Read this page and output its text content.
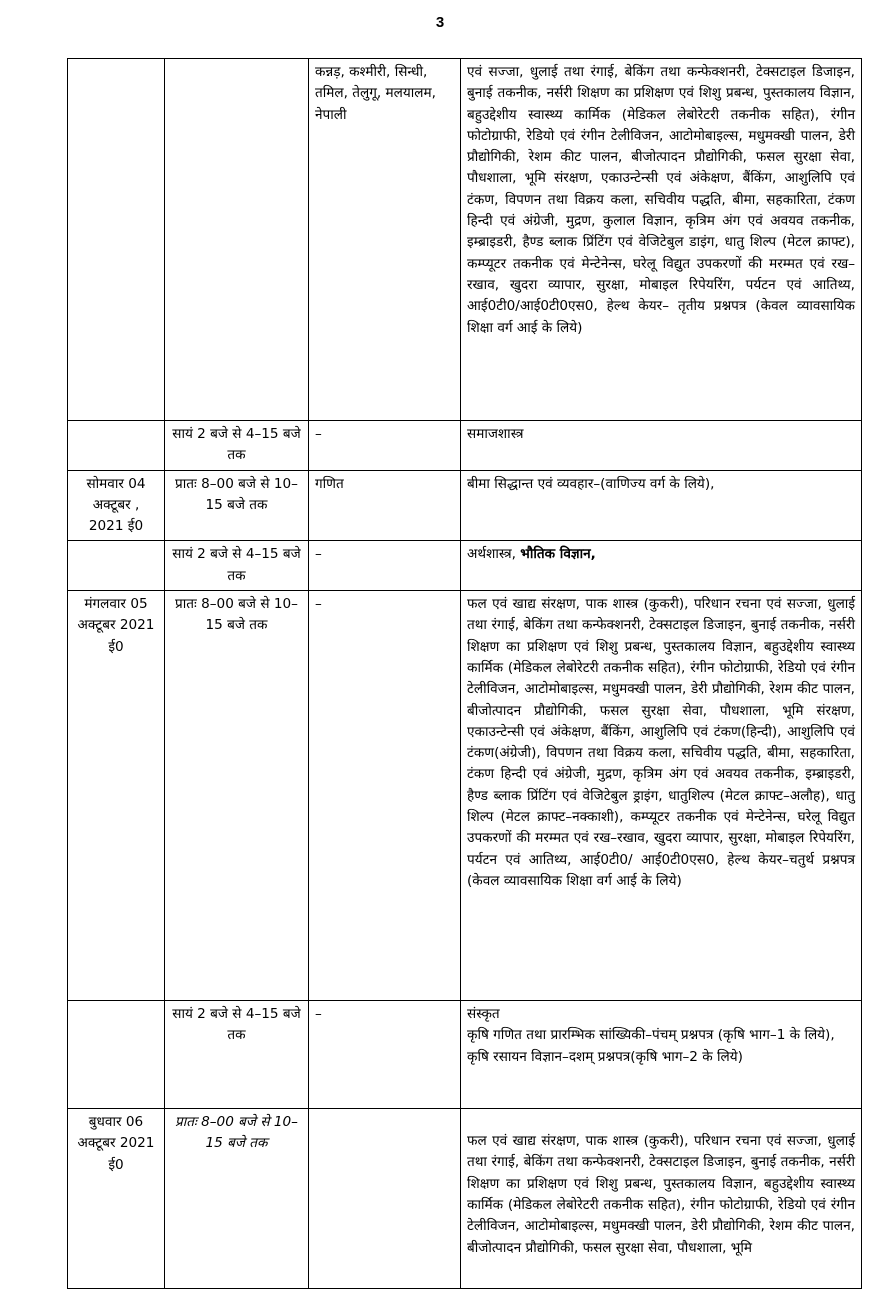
3
		कन्नड़, कश्मीरी, सिन्धी, तमिल, तेलुगू, मलयालम, नेपाली	एवं सज्जा, धुलाई तथा रंगाई, बेकिंग तथा कन्फेक्शनरी, टेक्सटाइल डिजाइन, बुनाई तकनीक, नर्सरी शिक्षण का प्रशिक्षण एवं शिशु प्रबन्ध, पुस्तकालय विज्ञान, बहुउद्देशीय स्वास्थ्य कार्मिक (मेडिकल लेबोरेटरी तकनीक सहित), रंगीन फोटोग्राफी, रेडियो एवं रंगीन टेलीविजन, आटोमोबाइल्स, मधुमक्खी पालन, डेरी प्रौद्योगिकी, रेशम कीट पालन, बीजोत्पादन प्रौद्योगिकी, फसल सुरक्षा सेवा, पौधशाला, भूमि संरक्षण, एकाउन्टेन्सी एवं अंकेक्षण, बैंकिंग, आशुलिपि एवं टंकण, विपणन तथा विक्रय कला, सचिवीय पद्धति, बीमा, सहकारिता, टंकण हिन्दी एवं अंग्रेजी, मुद्रण, कुलाल विज्ञान, कृत्रिम अंग एवं अवयव तकनीक, इम्ब्राइडरी, हैण्ड ब्लाक प्रिंटिंग एवं वेजिटेबुल डाइंग, धातु शिल्प (मेटल क्राफ्ट), कम्प्यूटर तकनीक एवं मेन्टेनेन्स, घरेलू विद्युत उपकरणों की मरम्मत एवं रख–रखाव, खुदरा व्यापार, सुरक्षा, मोबाइल रिपेयरिंग, पर्यटन एवं आतिथ्य, आई0टी0/आई0टी0एस0, हेल्थ केयर– तृतीय प्रश्नपत्र (केवल व्यावसायिक शिक्षा वर्ग आई के लिये)

	सायं 2 बजे से 4–15 बजे तक	–	समाजशास्त्र

सोमवार 04 अक्टूबर , 2021 ई0	प्रातः 8–00 बजे से 10–15 बजे तक	गणित	बीमा सिद्धान्त एवं व्यवहार–(वाणिज्य वर्ग के लिये),

	सायं 2 बजे से 4–15 बजे तक	–	अर्थशास्त्र, भौतिक विज्ञान,
मंगलवार 05 अक्टूबर 2021 ई0	प्रातः 8–00 बजे से 10–15 बजे तक	–	फल एवं खाद्य संरक्षण, पाक शास्त्र (कुकरी), परिधान रचना एवं सज्जा, धुलाई तथा रंगाई, बेकिंग तथा कन्फेक्शनरी, टेक्सटाइल डिजाइन, बुनाई तकनीक, नर्सरी शिक्षण का प्रशिक्षण एवं शिशु प्रबन्ध, पुस्तकालय विज्ञान, बहुउद्देशीय स्वास्थ्य कार्मिक (मेडिकल लेबोरेटरी तकनीक सहित), रंगीन फोटोग्राफी, रेडियो एवं रंगीन टेलीविजन, आटोमोबाइल्स, मधुमक्खी पालन, डेरी प्रौद्योगिकी, रेशम कीट पालन, बीजोत्पादन प्रौद्योगिकी, फसल सुरक्षा सेवा, पौधशाला, भूमि संरक्षण, एकाउन्टेन्सी एवं अंकेक्षण, बैंकिंग, आशुलिपि एवं टंकण(हिन्दी), आशुलिपि एवं टंकण(अंग्रेजी), विपणन तथा विक्रय कला, सचिवीय पद्धति, बीमा, सहकारिता, टंकण हिन्दी एवं अंग्रेजी, मुद्रण, कृत्रिम अंग एवं अवयव तकनीक, इम्ब्राइडरी, हैण्ड ब्लाक प्रिंटिंग एवं वेजिटेबुल ड्राइंग, धातुशिल्प (मेटल क्राफ्ट–अलौह), धातु शिल्प (मेटल क्राफ्ट–नक्काशी), कम्प्यूटर तकनीक एवं मेन्टेनेन्स, घरेलू विद्युत उपकरणों की मरम्मत एवं रख–रखाव, खुदरा व्यापार, सुरक्षा, मोबाइल रिपेयरिंग, पर्यटन एवं आतिथ्य, आई0टी0/ आई0टी0एस0, हेल्थ केयर–चतुर्थ प्रश्नपत्र (केवल व्यावसायिक शिक्षा वर्ग आई के लिये)

	सायं 2 बजे से 4–15 बजे तक	–	संस्कृत
कृषि गणित तथा प्रारम्भिक सांख्यिकी–पंचम् प्रश्नपत्र (कृषि भाग–1 के लिये),
कृषि रसायन विज्ञान–दशम् प्रश्नपत्र(कृषि भाग–2 के लिये)

बुधवार 06 अक्टूबर 2021 ई0	प्रातः 8–00 बजे से 10–15 बजे तक		फल एवं खाद्य संरक्षण, पाक शास्त्र (कुकरी), परिधान रचना एवं सज्जा, धुलाई तथा रंगाई, बेकिंग तथा कन्फेक्शनरी, टेक्सटाइल डिजाइन, बुनाई तकनीक, नर्सरी शिक्षण का प्रशिक्षण एवं शिशु प्रबन्ध, पुस्तकालय विज्ञान, बहुउद्देशीय स्वास्थ्य कार्मिक (मेडिकल लेबोरेटरी तकनीक सहित), रंगीन फोटोग्राफी, रेडियो एवं रंगीन टेलीविजन, आटोमोबाइल्स, मधुमक्खी पालन, डेरी प्रौद्योगिकी, रेशम कीट पालन, बीजोत्पादन प्रौद्योगिकी, फसल सुरक्षा सेवा, पौधशाला, भूमि
